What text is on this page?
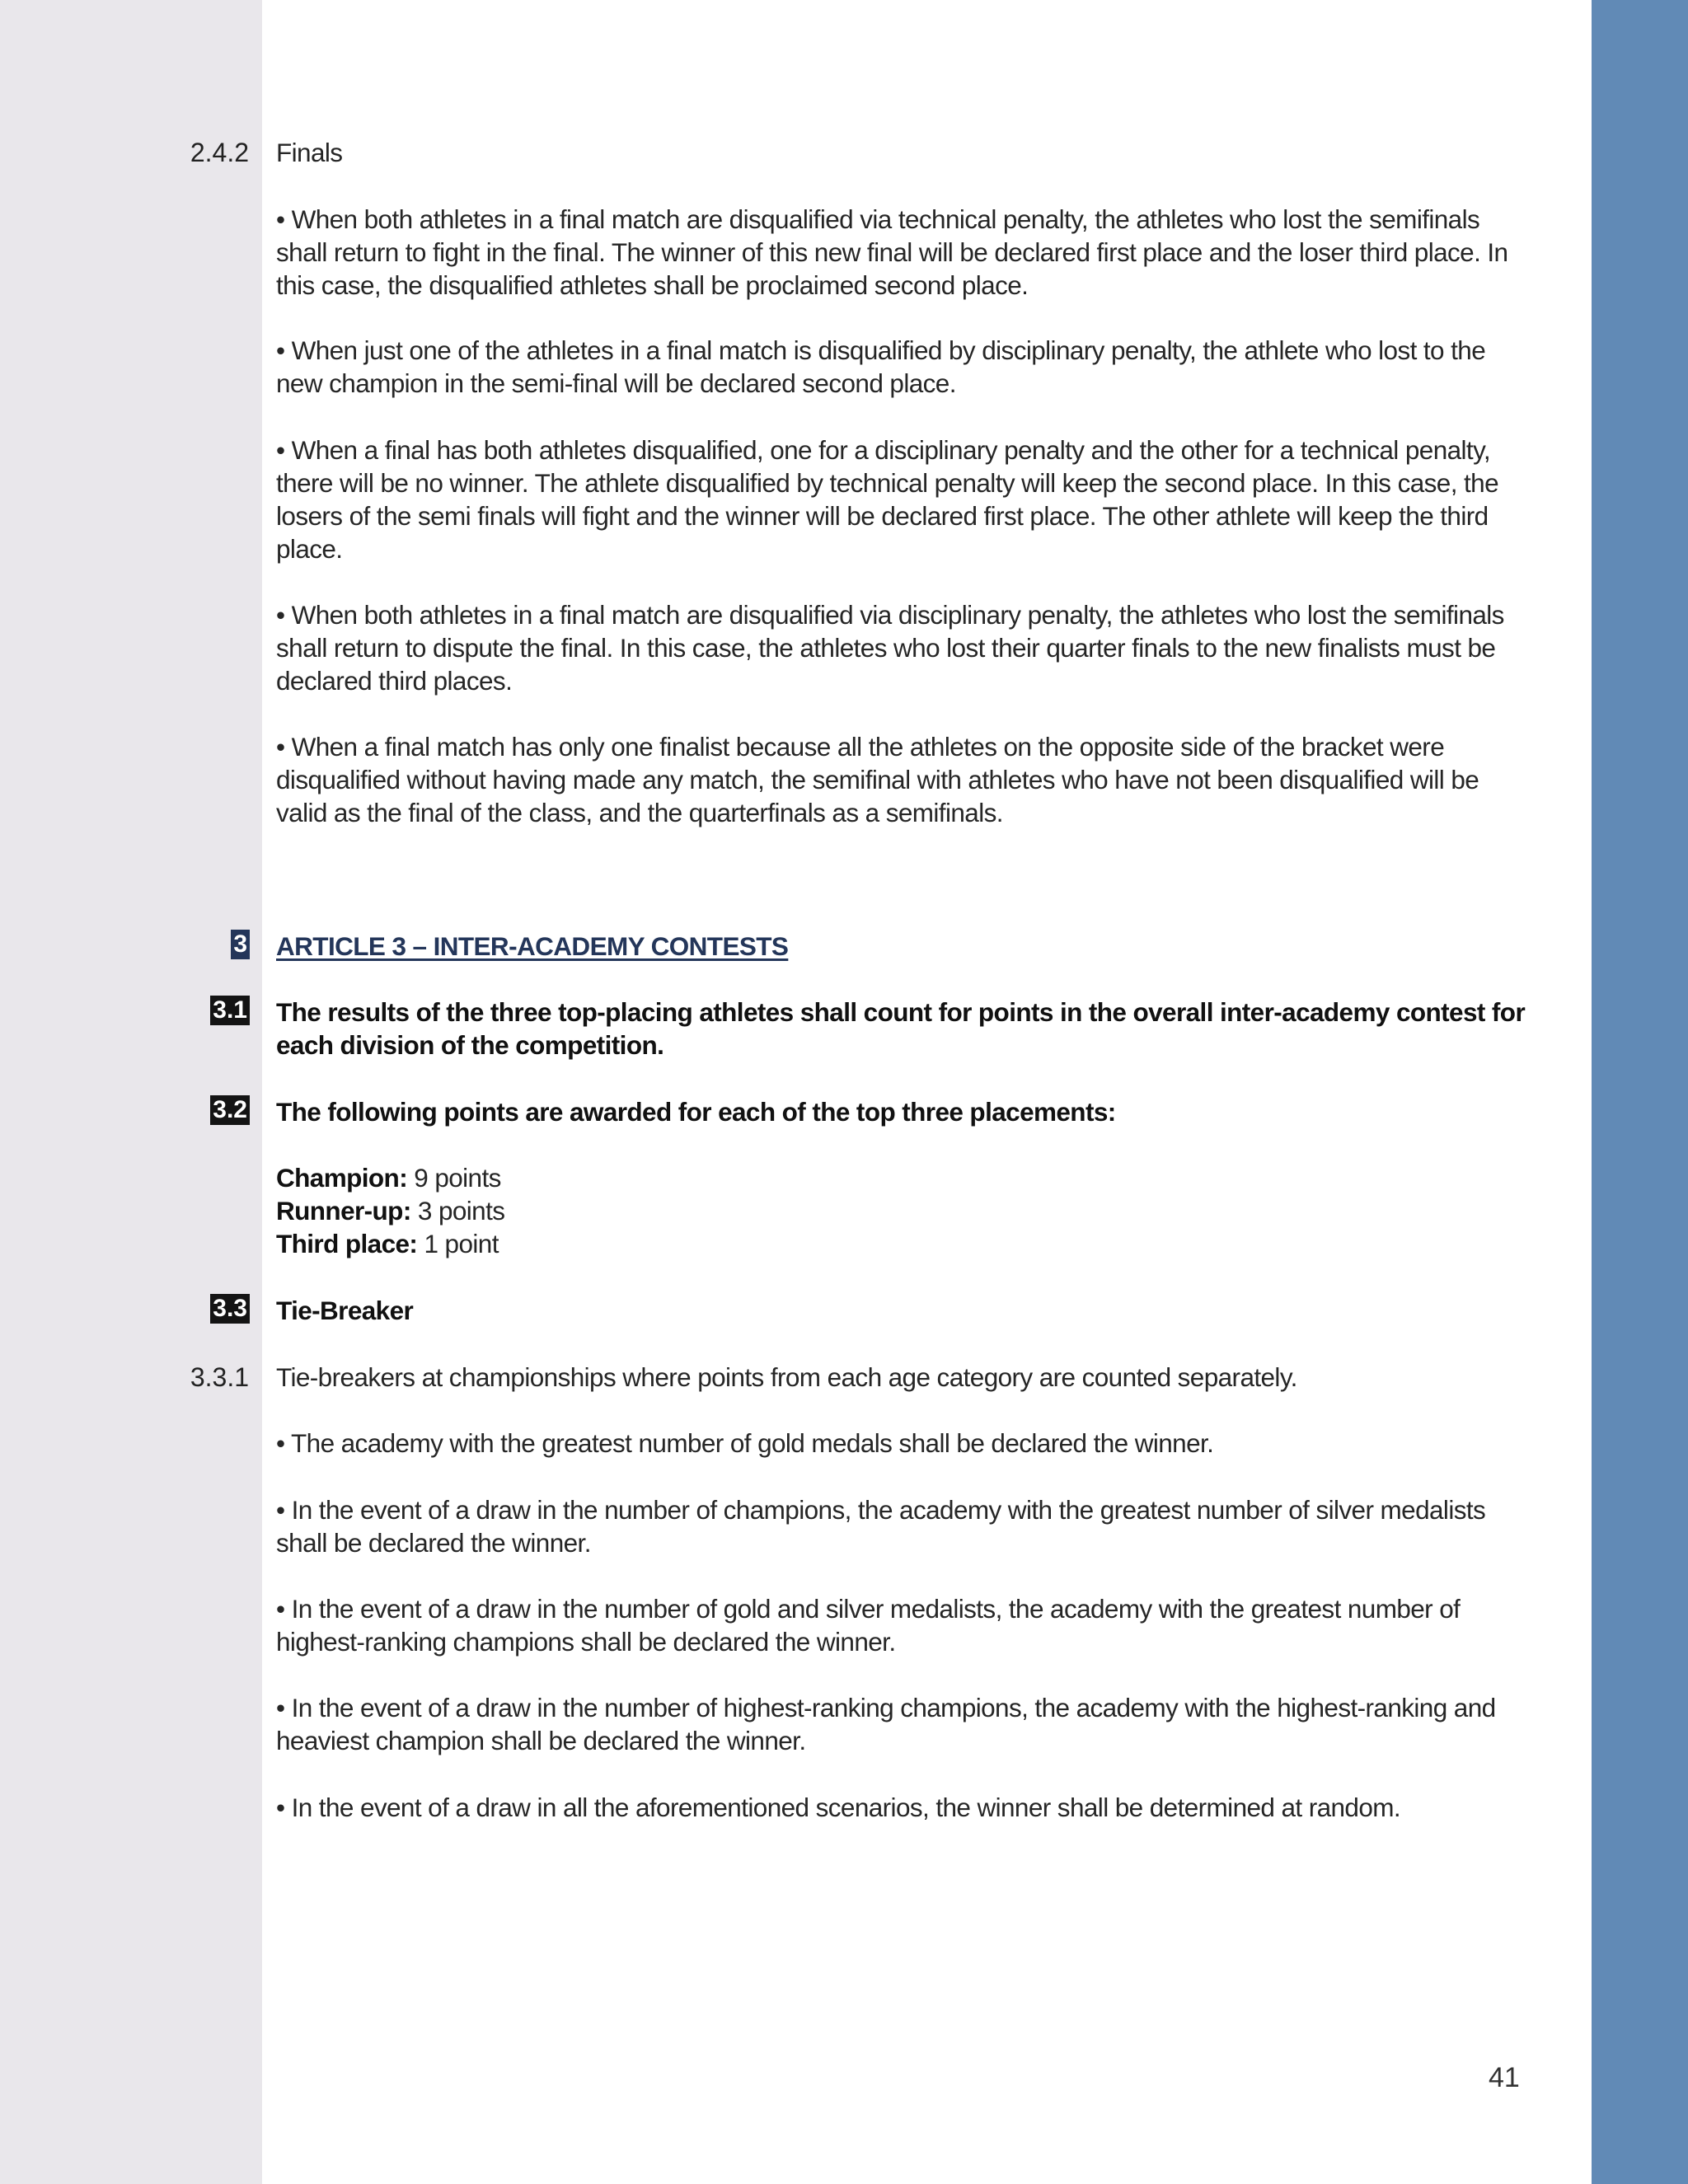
2.4.2 Finals
• When both athletes in a final match are disqualified via technical penalty, the athletes who lost the semifinals shall return to fight in the final. The winner of this new final will be declared first place and the loser third place. In this case, the disqualified athletes shall be proclaimed second place.
• When just one of the athletes in a final match is disqualified by disciplinary penalty, the athlete who lost to the new champion in the semi-final will be declared second place.
• When a final has both athletes disqualified, one for a disciplinary penalty and the other for a technical penalty, there will be no winner. The athlete disqualified by technical penalty will keep the second place. In this case, the losers of the semi finals will fight and the winner will be declared first place. The other athlete will keep the third place.
• When both athletes in a final match are disqualified via disciplinary penalty, the athletes who lost the semifinals shall return to dispute the final. In this case, the athletes who lost their quarter finals to the new finalists must be declared third places.
• When a final match has only one finalist because all the athletes on the opposite side of the bracket were disqualified without having made any match, the semifinal with athletes who have not been disqualified will be valid as the final of the class, and the quarterfinals as a semifinals.
3 ARTICLE 3 – INTER-ACADEMY CONTESTS
3.1 The results of the three top-placing athletes shall count for points in the overall inter-academy contest for each division of the competition.
3.2 The following points are awarded for each of the top three placements:
Champion: 9 points
Runner-up: 3 points
Third place: 1 point
3.3 Tie-Breaker
3.3.1 Tie-breakers at championships where points from each age category are counted separately.
• The academy with the greatest number of gold medals shall be declared the winner.
• In the event of a draw in the number of champions, the academy with the greatest number of silver medalists shall be declared the winner.
• In the event of a draw in the number of gold and silver medalists, the academy with the greatest number of highest-ranking champions shall be declared the winner.
• In the event of a draw in the number of highest-ranking champions, the academy with the highest-ranking and heaviest champion shall be declared the winner.
• In the event of a draw in all the aforementioned scenarios, the winner shall be determined at random.
41
